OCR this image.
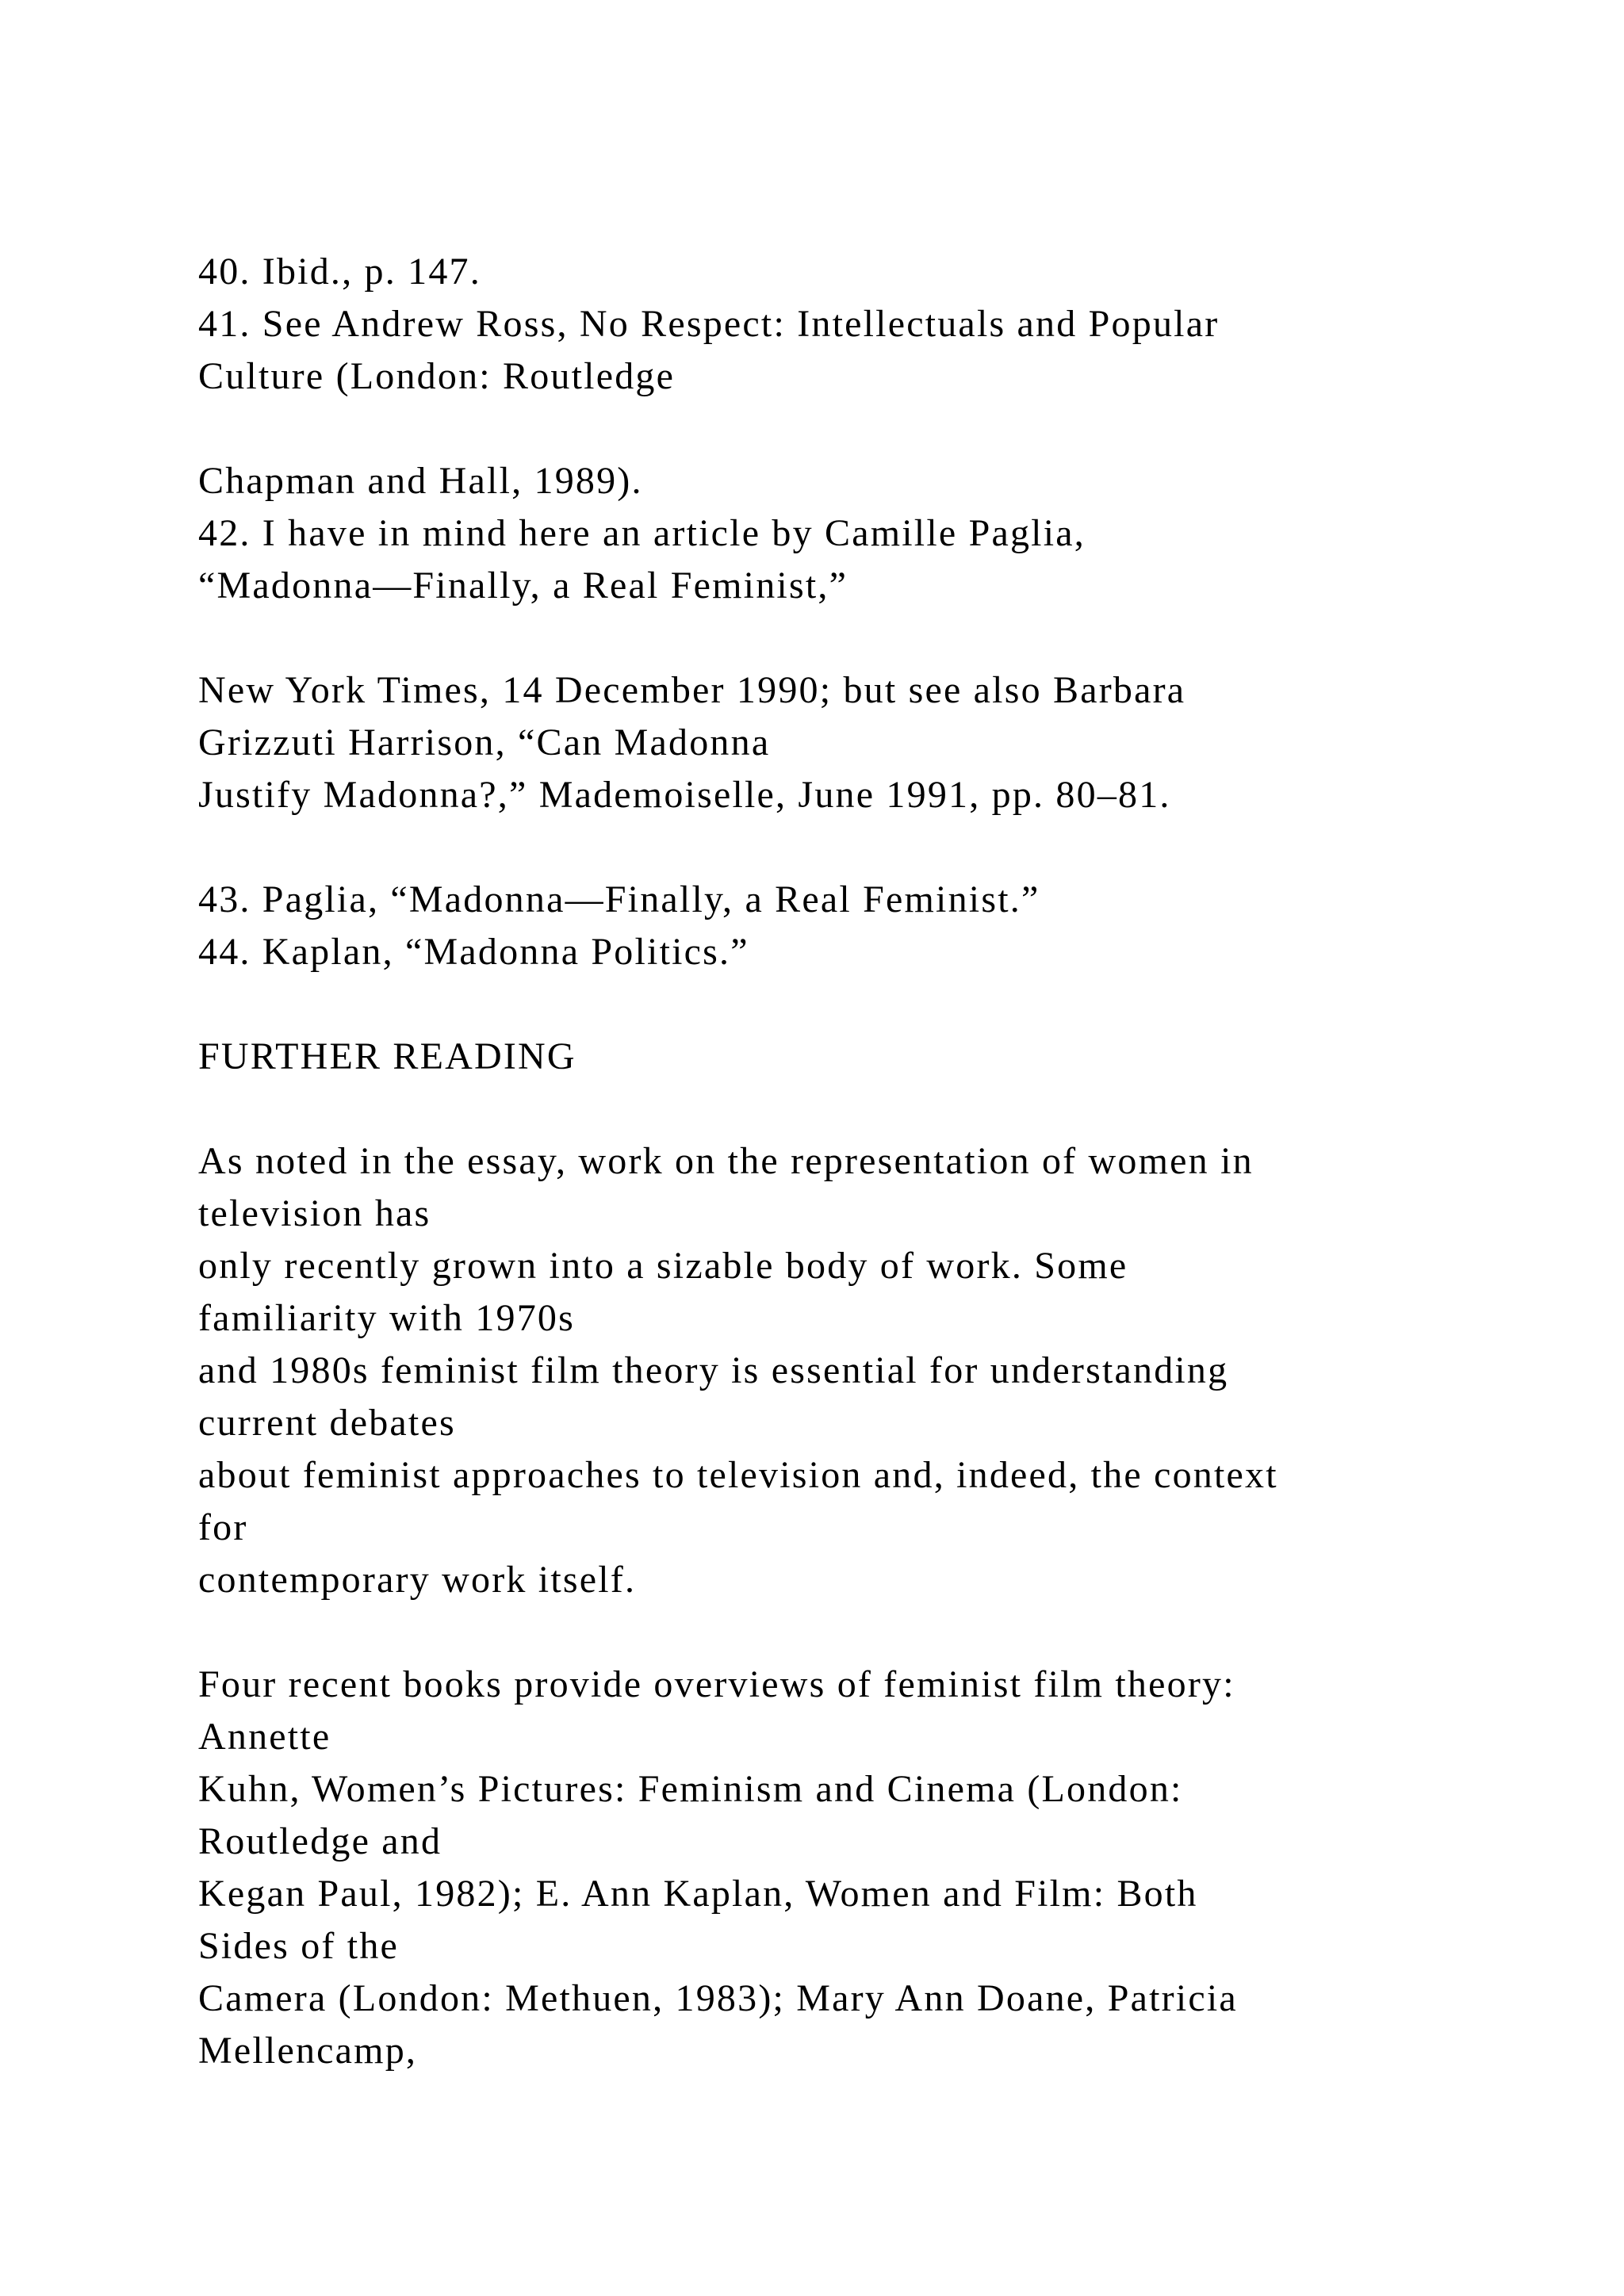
40. Ibid., p. 147.
41. See Andrew Ross, No Respect: Intellectuals and Popular
Culture (London: Routledge
Chapman and Hall, 1989).
42. I have in mind here an article by Camille Paglia,
“Madonna—Finally, a Real Feminist,”
New York Times, 14 December 1990; but see also Barbara
Grizzuti Harrison, “Can Madonna
Justify Madonna?,” Mademoiselle, June 1991, pp. 80–81.
43. Paglia, “Madonna—Finally, a Real Feminist.”
44. Kaplan, “Madonna Politics.”
FURTHER READING
As noted in the essay, work on the representation of women in
television has
only recently grown into a sizable body of work. Some
familiarity with 1970s
and 1980s feminist film theory is essential for understanding
current debates
about feminist approaches to television and, indeed, the context
for
contemporary work itself.
Four recent books provide overviews of feminist film theory:
Annette
Kuhn, Women’s Pictures: Feminism and Cinema (London:
Routledge and
Kegan Paul, 1982); E. Ann Kaplan, Women and Film: Both
Sides of the
Camera (London: Methuen, 1983); Mary Ann Doane, Patricia
Mellencamp,
